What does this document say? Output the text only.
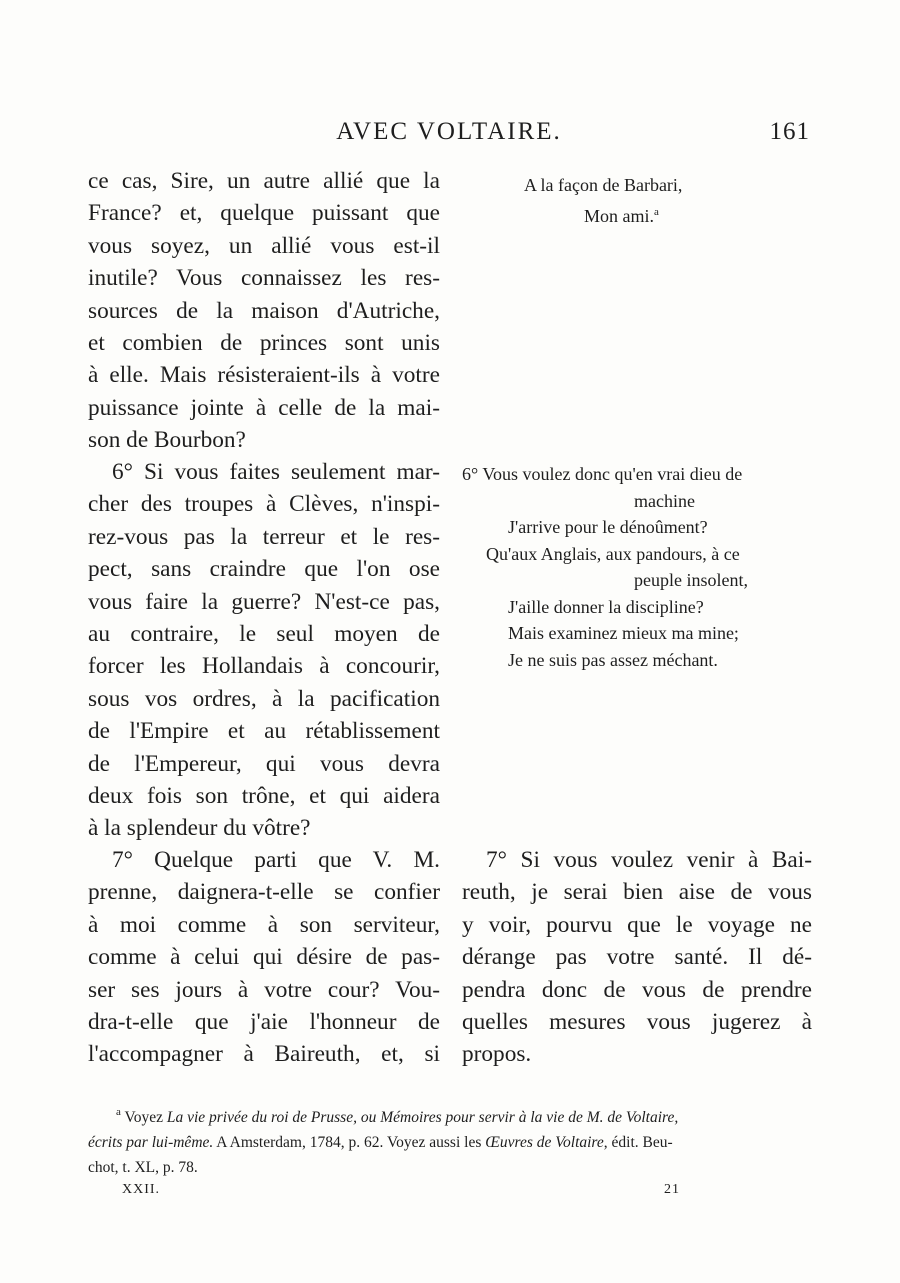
AVEC VOLTAIRE.	161
ce cas, Sire, un autre allié que la
France? et, quelque puissant que
vous soyez, un allié vous est-il
inutile? Vous connaissez les res-
sources de la maison d'Autriche,
et combien de princes sont unis
à elle. Mais résisteraient-ils à votre
puissance jointe à celle de la mai-
son de Bourbon?
6° Si vous faites seulement mar-
cher des troupes à Clèves, n'inspi-
rez-vous pas la terreur et le res-
pect, sans craindre que l'on ose
vous faire la guerre? N'est-ce pas,
au contraire, le seul moyen de
forcer les Hollandais à concourir,
sous vos ordres, à la pacification
de l'Empire et au rétablissement
de l'Empereur, qui vous devra
deux fois son trône, et qui aidera
à la splendeur du vôtre?
7° Quelque parti que V. M.
prenne, daignera-t-elle se confier
à moi comme à son serviteur,
comme à celui qui désire de pas-
ser ses jours à votre cour? Vou-
dra-t-elle que j'aie l'honneur de
l'accompagner à Baireuth, et, si
A la façon de Barbari,
Mon ami.$^a$
6° Vous voulez donc qu'en vrai dieu de
machine
J'arrive pour le dénoûment?
Qu'aux Anglais, aux pandours, à ce
peuple insolent,
J'aille donner la discipline?
Mais examinez mieux ma mine;
Je ne suis pas assez méchant.
7° Si vous voulez venir à Bai-
reuth, je serai bien aise de vous
y voir, pourvu que le voyage ne
dérange pas votre santé. Il dé-
pendra donc de vous de prendre
quelles mesures vous jugerez à
propos.
$^a$ Voyez La vie privée du roi de Prusse, ou Mémoires pour servir à la vie de M. de Voltaire,
écrits par lui-même. A Amsterdam, 1784, p. 62. Voyez aussi les Œuvres de Voltaire, édit. Beu-
chot, t. XL, p. 78.
XXII.	21
